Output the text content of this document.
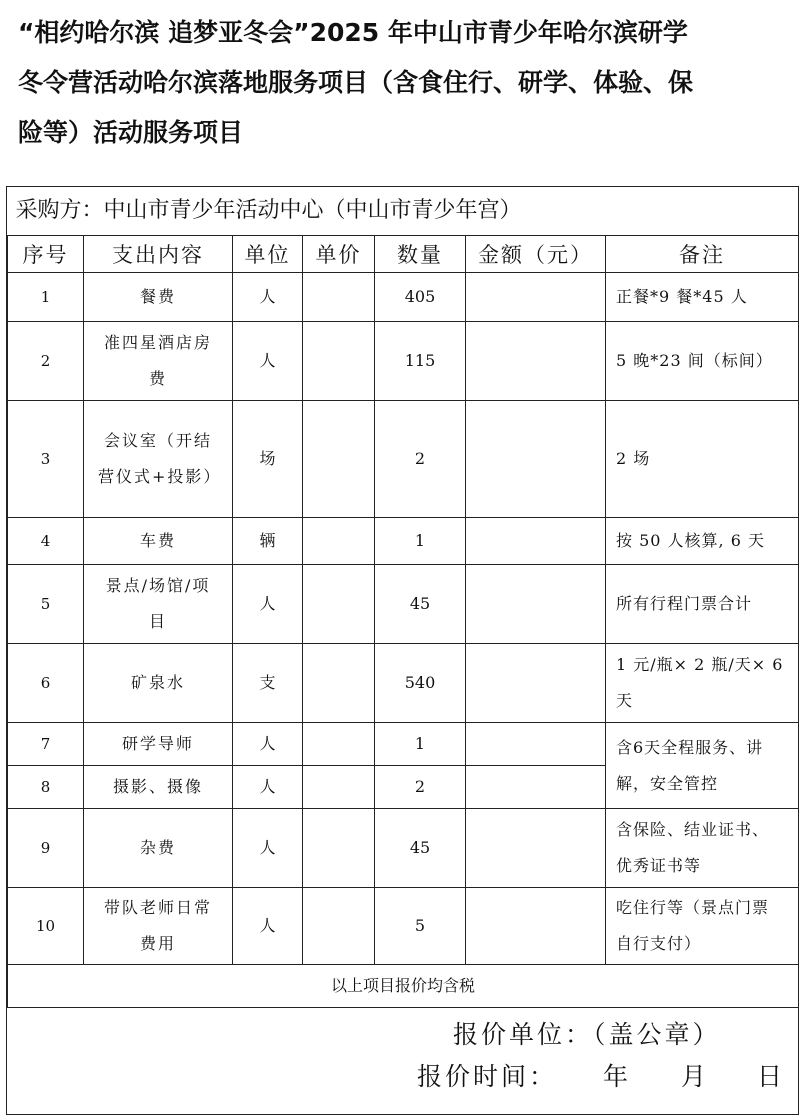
“相约哈尔滨 追梦亚冬会”2025 年中山市青少年哈尔滨研学
冬令营活动哈尔滨落地服务项目（含食住行、研学、体验、保
险等）活动服务项目
采购方：中山市青少年活动中心（中山市青少年宫）						
序号	支出内容	单位	单价	数量	金额（元）	备注
1	餐费	人		405		正餐*9 餐*45 人
2	准四星酒店房费	人		115		5 晚*23 间（标间）
3	会议室（开结营仪式+投影）	场		2		2 场
4	车费	辆		1		按 50 人核算, 6 天
5	景点/场馆/项目	人		45		所有行程门票合计
6	矿泉水	支		540		1 元/瓶× 2 瓶/天× 6 天
7	研学导师	人		1		含6天全程服务、讲解，安全管控
8	摄影、摄像	人		2		
9	杂费	人		45		含保险、结业证书、优秀证书等
10	带队老师日常费用	人		5		吃住行等（景点门票自行支付）
以上项目报价均含税						
报价单位：（盖公章）
报价时间： 年 月 日
